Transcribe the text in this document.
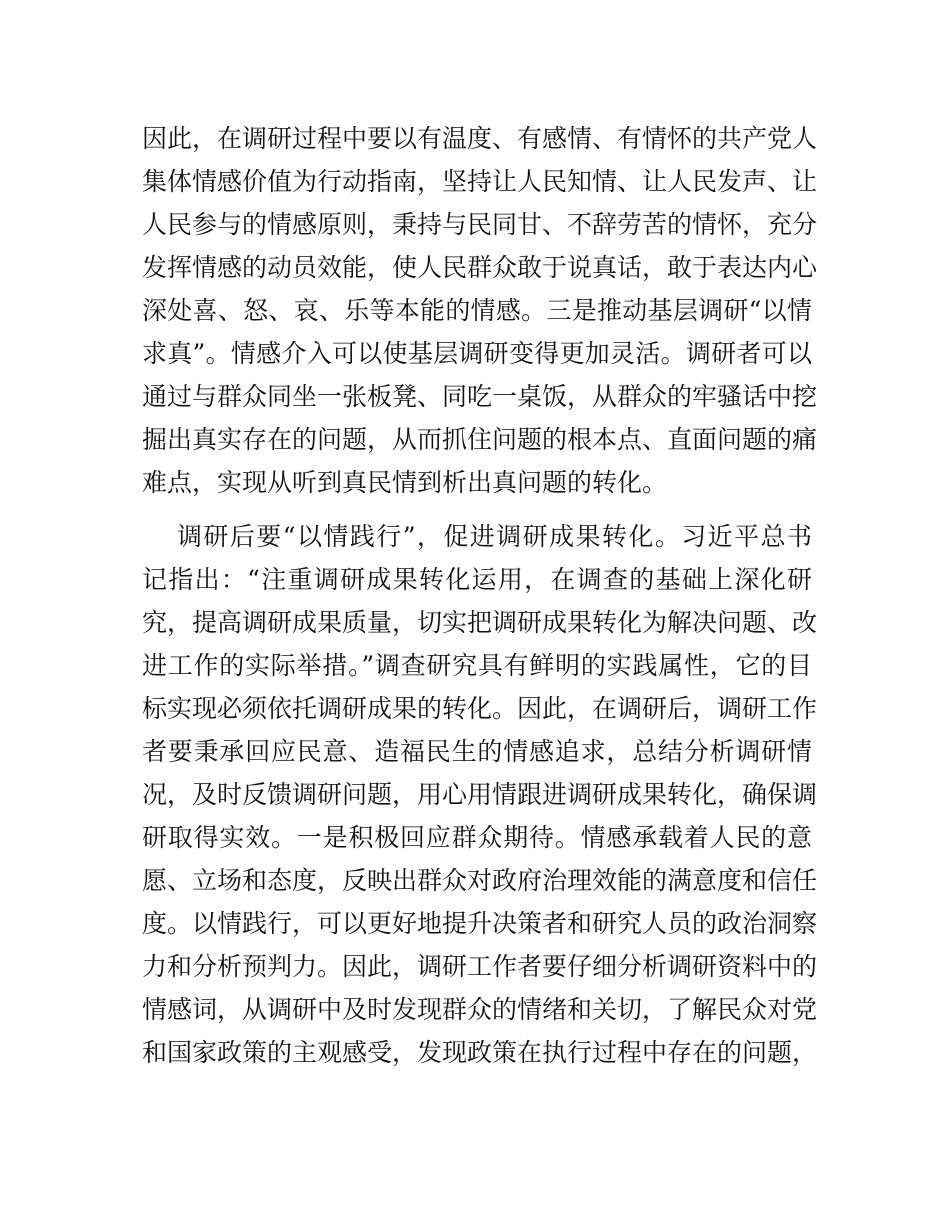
因此，在调研过程中要以有温度、有感情、有情怀的共产党人
集体情感价值为行动指南，坚持让人民知情、让人民发声、让
人民参与的情感原则，秉持与民同甘、不辞劳苦的情怀，充分
发挥情感的动员效能，使人民群众敢于说真话，敢于表达内心
深处喜、怒、哀、乐等本能的情感。三是推动基层调研“以情
求真”。情感介入可以使基层调研变得更加灵活。调研者可以
通过与群众同坐一张板凳、同吃一桌饭，从群众的牢骚话中挖
掘出真实存在的问题，从而抓住问题的根本点、直面问题的痛
难点，实现从听到真民情到析出真问题的转化。
调研后要“以情践行”，促进调研成果转化。习近平总书
记指出：“注重调研成果转化运用，在调查的基础上深化研
究，提高调研成果质量，切实把调研成果转化为解决问题、改
进工作的实际举措。”调查研究具有鲜明的实践属性，它的目
标实现必须依托调研成果的转化。因此，在调研后，调研工作
者要秉承回应民意、造福民生的情感追求，总结分析调研情
况，及时反馈调研问题，用心用情跟进调研成果转化，确保调
研取得实效。一是积极回应群众期待。情感承载着人民的意
愿、立场和态度，反映出群众对政府治理效能的满意度和信任
度。以情践行，可以更好地提升决策者和研究人员的政治洞察
力和分析预判力。因此，调研工作者要仔细分析调研资料中的
情感词，从调研中及时发现群众的情绪和关切，了解民众对党
和国家政策的主观感受，发现政策在执行过程中存在的问题，
